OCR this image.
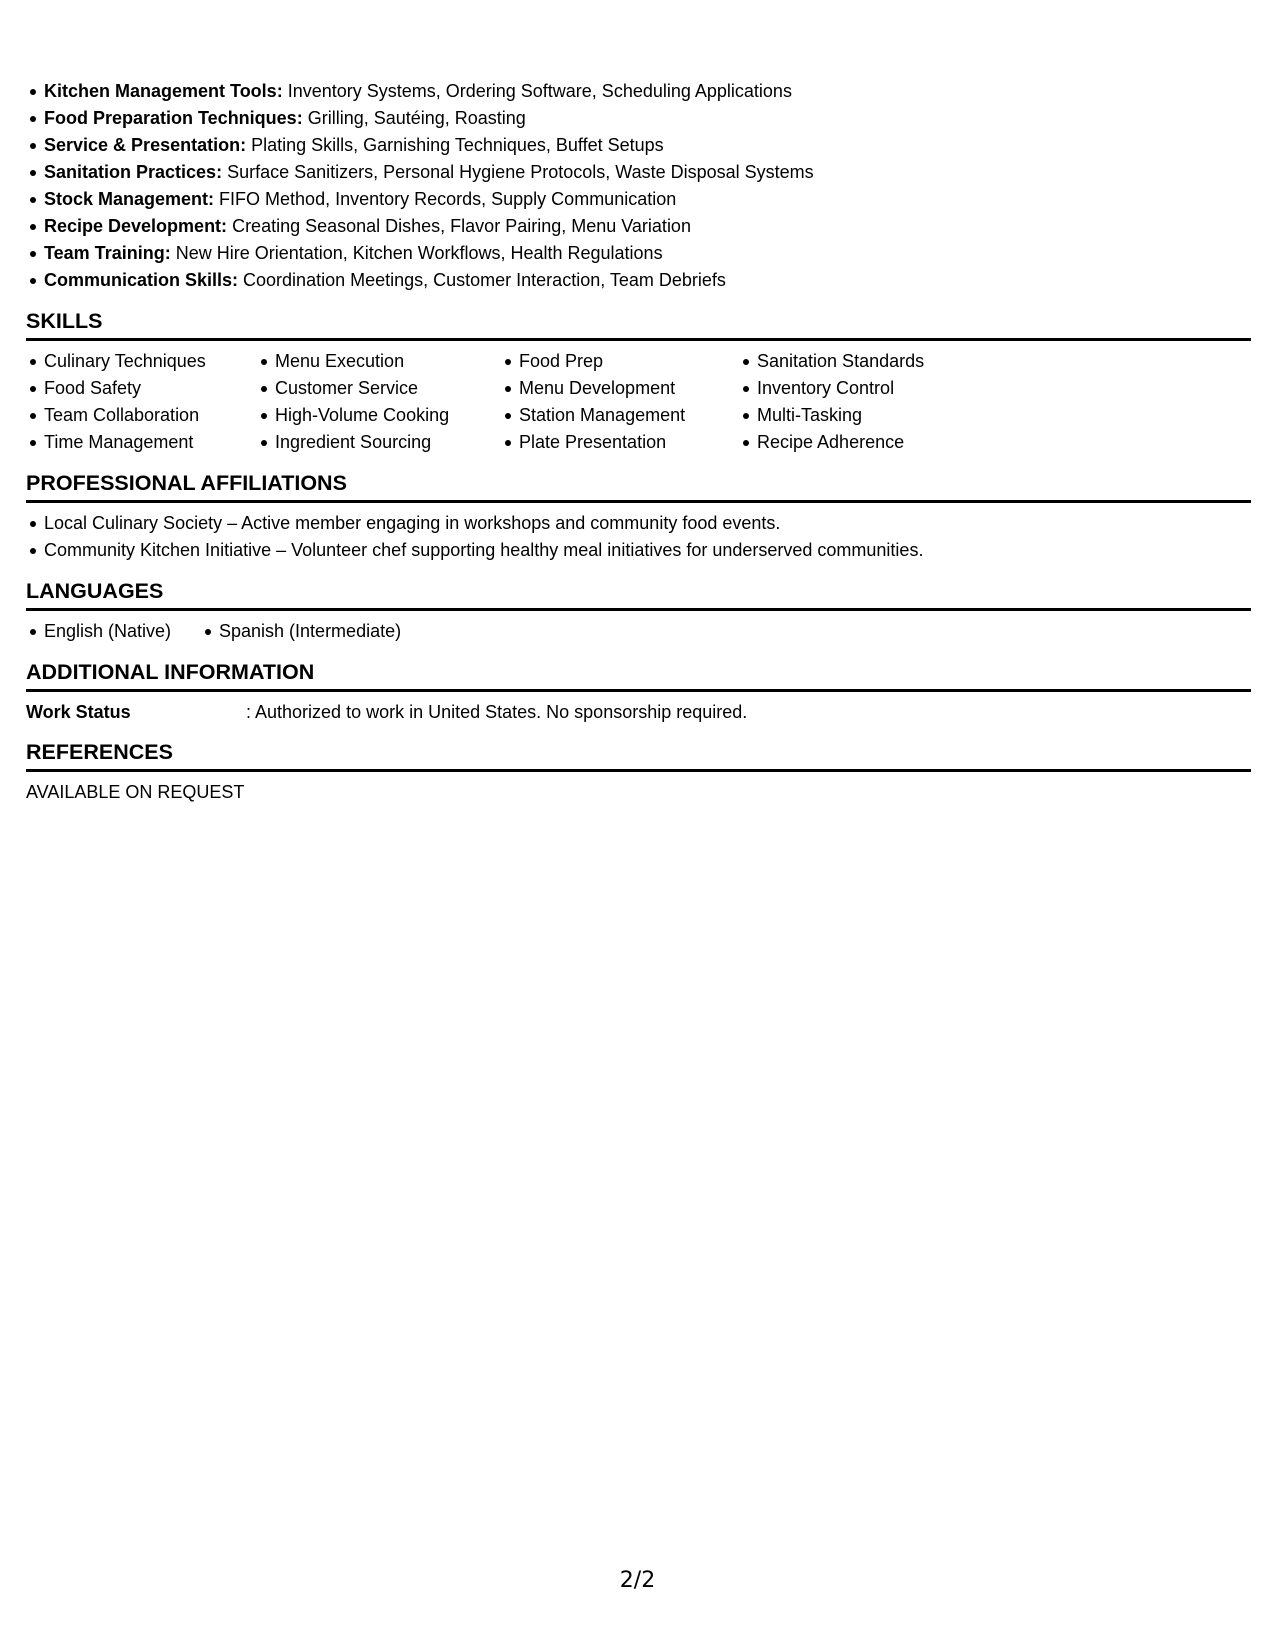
Kitchen Management Tools: Inventory Systems, Ordering Software, Scheduling Applications
Food Preparation Techniques: Grilling, Sautéing, Roasting
Service & Presentation: Plating Skills, Garnishing Techniques, Buffet Setups
Sanitation Practices: Surface Sanitizers, Personal Hygiene Protocols, Waste Disposal Systems
Stock Management: FIFO Method, Inventory Records, Supply Communication
Recipe Development: Creating Seasonal Dishes, Flavor Pairing, Menu Variation
Team Training: New Hire Orientation, Kitchen Workflows, Health Regulations
Communication Skills: Coordination Meetings, Customer Interaction, Team Debriefs
SKILLS
Culinary Techniques
Food Safety
Team Collaboration
Time Management
Menu Execution
Customer Service
High-Volume Cooking
Ingredient Sourcing
Food Prep
Menu Development
Station Management
Plate Presentation
Sanitation Standards
Inventory Control
Multi-Tasking
Recipe Adherence
PROFESSIONAL AFFILIATIONS
Local Culinary Society – Active member engaging in workshops and community food events.
Community Kitchen Initiative – Volunteer chef supporting healthy meal initiatives for underserved communities.
LANGUAGES
English (Native)	Spanish (Intermediate)
ADDITIONAL INFORMATION
Work Status	: Authorized to work in United States. No sponsorship required.
REFERENCES
AVAILABLE ON REQUEST
2/2
